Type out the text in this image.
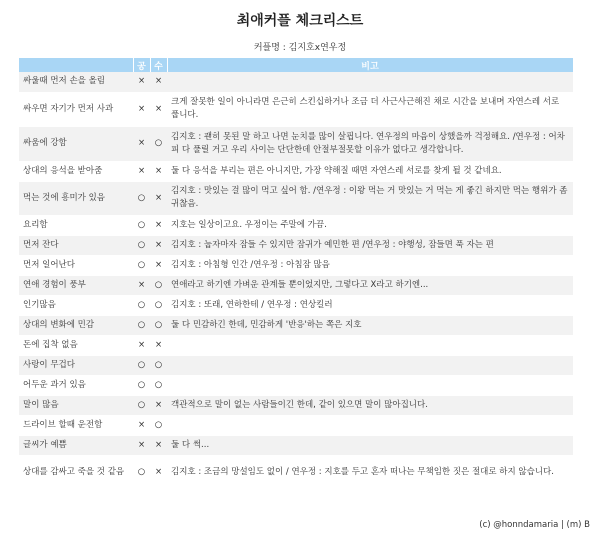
최애커플 체크리스트
커플명 : 김지호x연우정
	공	수	비고
싸울때 먼저 손을 올림	×	×	
싸우면 자기가 먼저 사과	×	×	크게 잘못한 일이 아니라면 은근히 스킨십하거나 조금 더 사근사근해진 채로 시간을 보내며 자연스레 서로 풉니다.
싸움에 강함	×	○	김지호 : 괜히 못된 말 하고 나면 눈치를 많이 살핍니다. 연우정의 마음이 상했을까 걱정해요. /연우정 : 어차피 다 풀릴 거고 우리 사이는 단단한데 안절부절못할 이유가 없다고 생각합니다.
상대의 응석을 받아줌	×	×	둘 다 응석을 부리는 편은 아니지만, 가장 약해질 때면 자연스레 서로를 찾게 될 것 같네요.
먹는 것에 흥미가 있음	○	×	김지호 : 맛있는 걸 많이 먹고 싶어 함. /연우정 : 이왕 먹는 거 맛있는 거 먹는 게 좋긴 하지만 먹는 행위가 좀 귀찮음.
요리함	○	×	지호는 일상이고요. 우정이는 주말에 가끔.
먼저 잔다	○	×	김지호 : 눕자마자 잠들 수 있지만 잠귀가 예민한 편 /연우정 : 야행성, 잠들면 푹 자는 편
먼저 일어난다	○	×	김지호 : 아침형 인간 /연우정 : 아침잠 많음
연애 경험이 풍부	×	○	연애라고 하기엔 가벼운 관계들 뿐이었지만, 그렇다고 X라고 하기엔...
인기많음	○	○	김지호 : 또래, 연하한테 / 연우정 : 연상킬러
상대의 변화에 민감	○	○	둘 다 민감하긴 한데, 민감하게 '반응'하는 쪽은 지호
돈에 집착 없음	×	×	
사랑이 무겁다	○	○	
어두운 과거 있음	○	○	
말이 많음	○	×	객관적으로 말이 없는 사람들이긴 한데, 같이 있으면 말이 많아집니다.
드라이브 할때 운전함	×	○	
글씨가 예쁨	×	×	둘 다 썩...
상대를 감싸고 죽을 것 같음	○	×	김지호 : 조금의 망설임도 없이 / 연우정 : 지호를 두고 혼자 떠나는 무책임한 짓은 절대로 하지 않습니다.
(c) @honndamaria | (m) B
